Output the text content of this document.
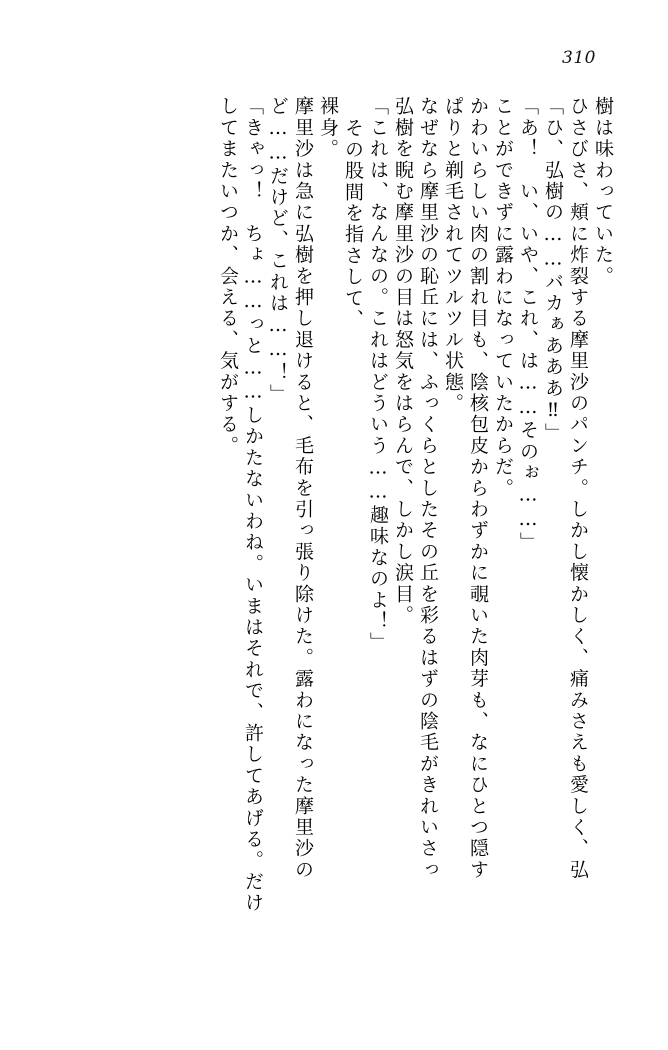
310
してまたいつか、会える、気がする。 「きゃっ！　ちょ……っと……しかたないわね。いまはそれで、許してあげる。だけ ど……だけど、これは……！」 摩里沙は急に弘樹を押し退けると、毛布を引っ張り除けた。露わになった摩里沙の 裸身。 その股間を指さして、 「これは、なんなの。これはどういう……趣味なのよ！」 弘樹を睨む摩里沙の目は怒気をはらんで、しかし涙目。 なぜなら摩里沙の恥丘には、ふっくらとしたその丘を彩るはずの陰毛がきれいさっ ぱりと剃毛されてツルツル状態。 かわいらしい肉の割れ目も、陰核包皮からわずかに覗いた肉芽も、なにひとつ隠す ことができずに露わになっていたからだ。 「あ！　い、いや、これ、は……そのぉ……」 「ひ、弘樹の……バカぁあああ‼」 ひさびさ、頬に炸裂する摩里沙のパンチ。しかし懐かしく、痛みさえも愛しく、弘 樹は味わっていた。
